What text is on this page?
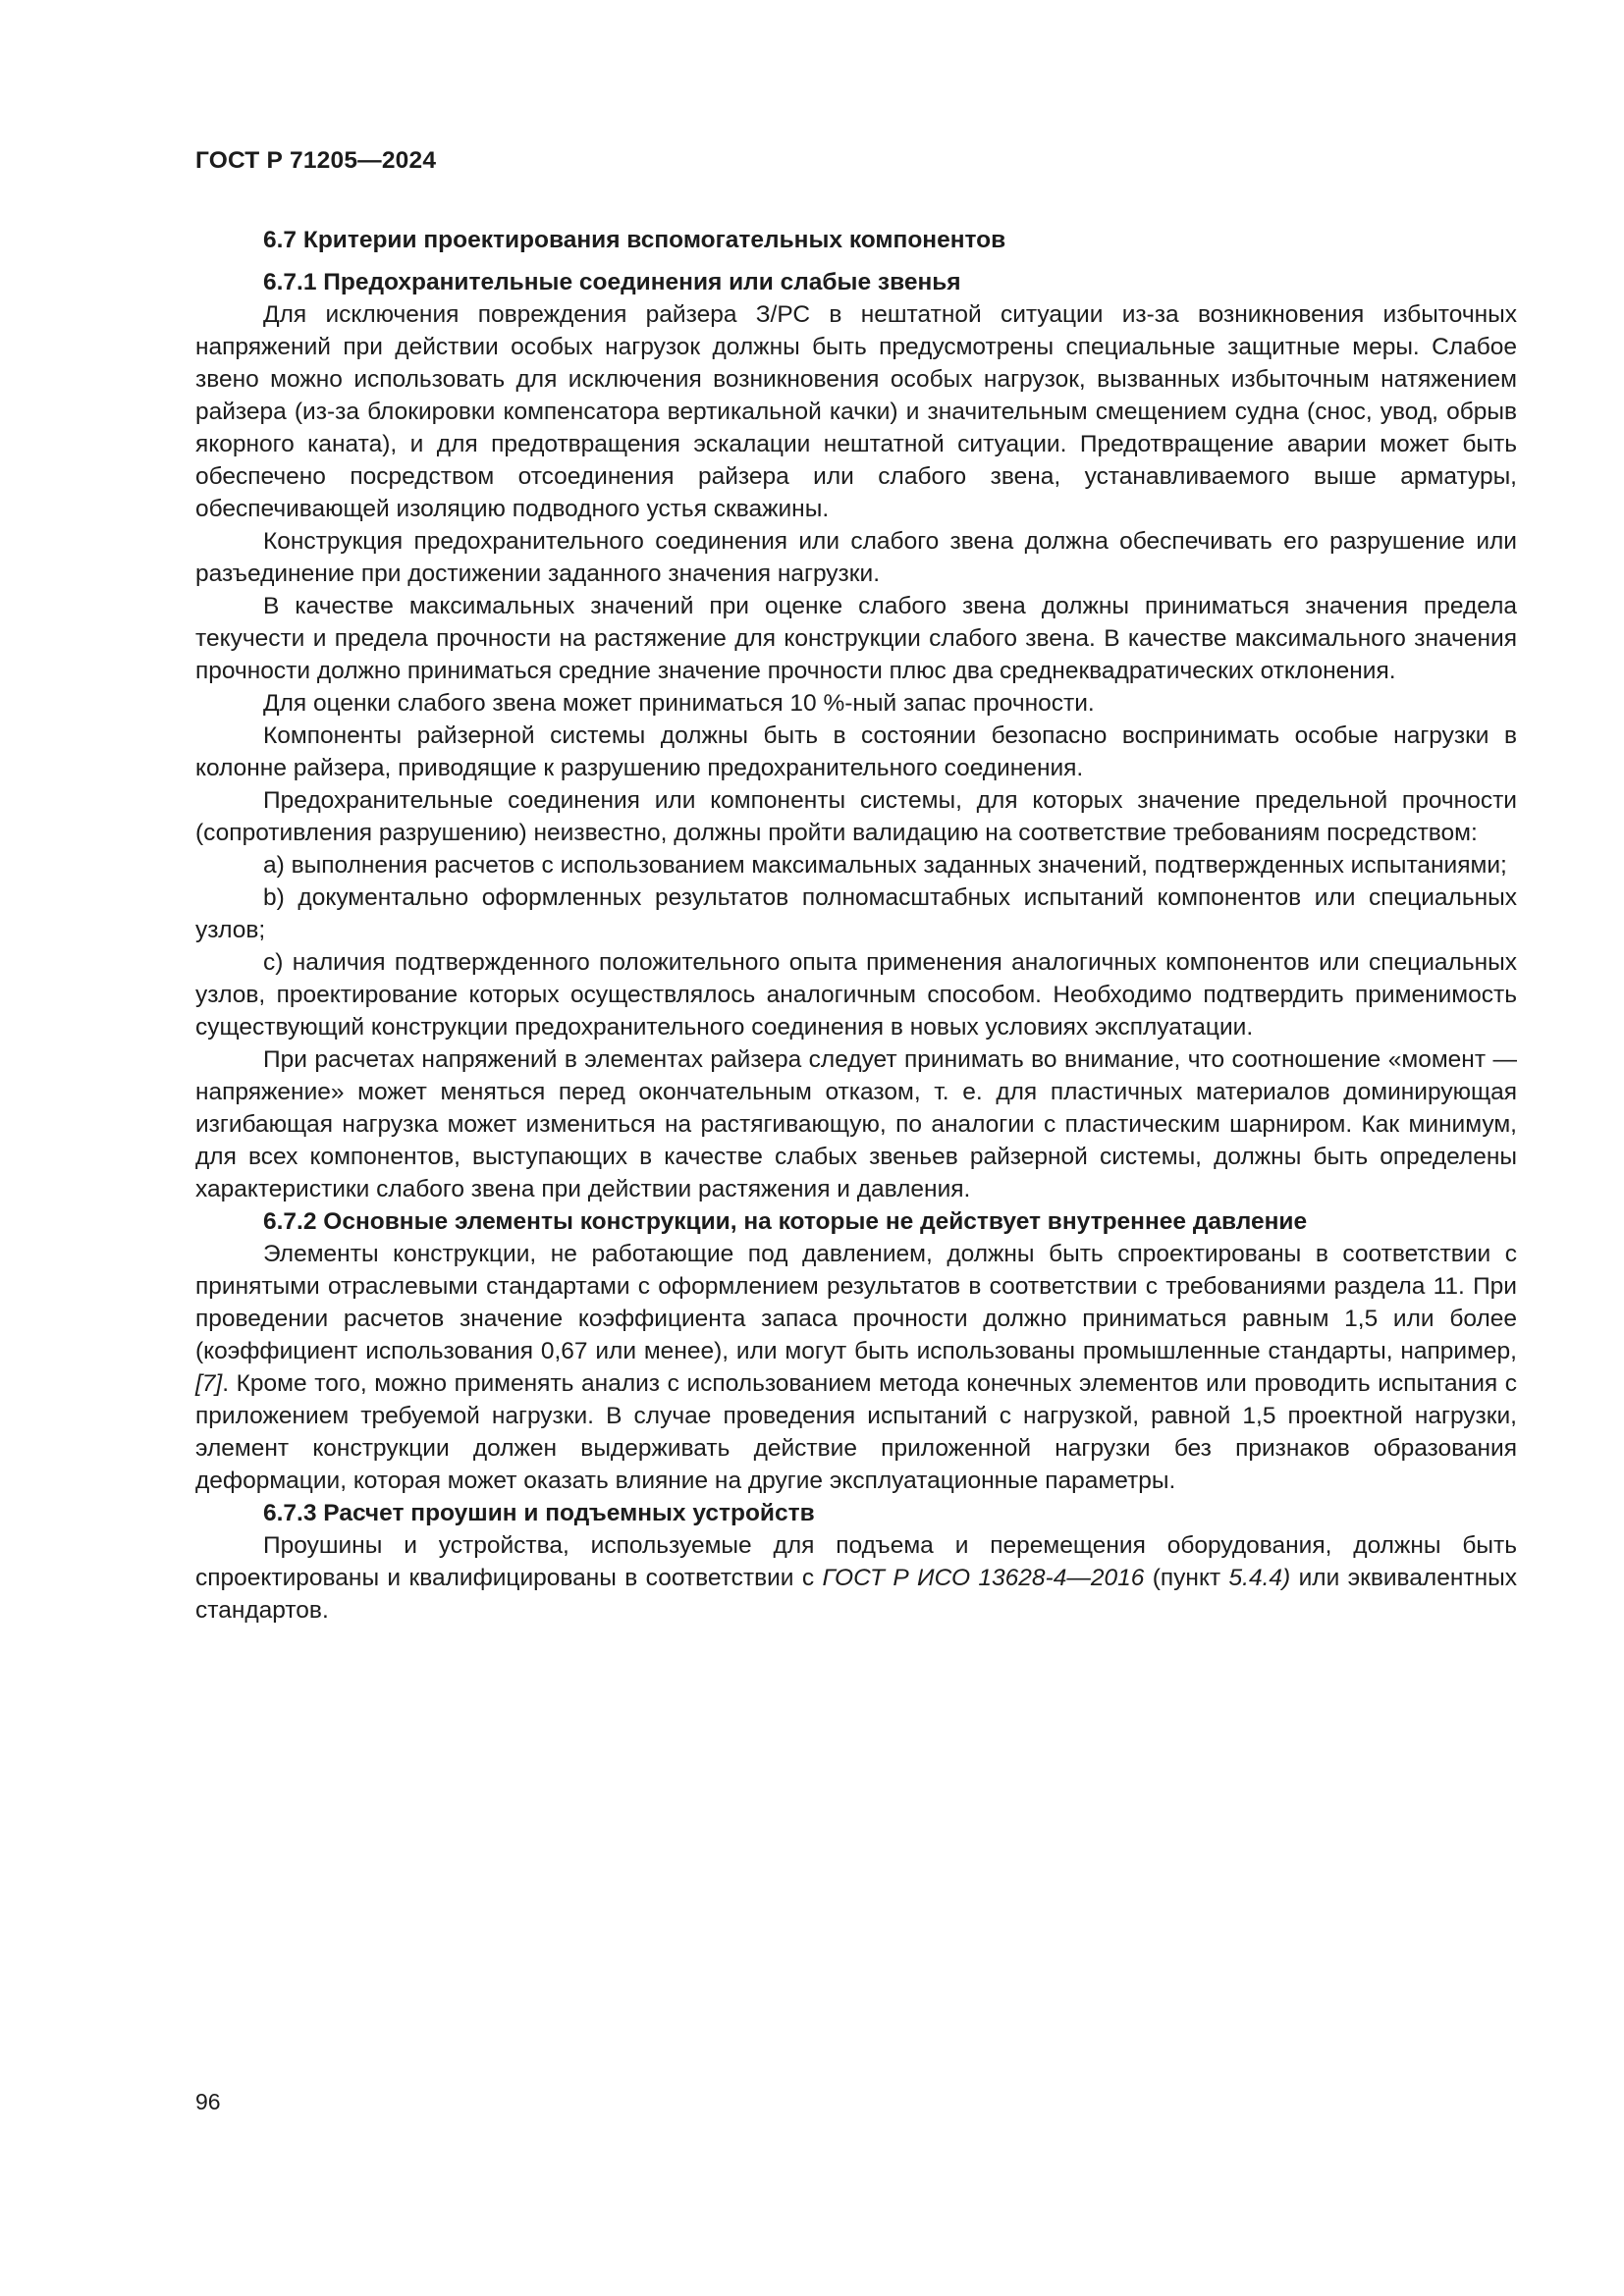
ГОСТ Р 71205—2024

6.7 Критерии проектирования вспомогательных компонентов
6.7.1 Предохранительные соединения или слабые звенья

Для исключения повреждения райзера З/РС в нештатной ситуации из-за возникновения избыточных напряжений при действии особых нагрузок должны быть предусмотрены специальные защитные меры. Слабое звено можно использовать для исключения возникновения особых нагрузок, вызванных избыточным натяжением райзера (из-за блокировки компенсатора вертикальной качки) и значительным смещением судна (снос, увод, обрыв якорного каната), и для предотвращения эскалации нештатной ситуации. Предотвращение аварии может быть обеспечено посредством отсоединения райзера или слабого звена, устанавливаемого выше арматуры, обеспечивающей изоляцию подводного устья скважины.

Конструкция предохранительного соединения или слабого звена должна обеспечивать его разрушение или разъединение при достижении заданного значения нагрузки.

В качестве максимальных значений при оценке слабого звена должны приниматься значения предела текучести и предела прочности на растяжение для конструкции слабого звена. В качестве максимального значения прочности должно приниматься средние значение прочности плюс два среднеквадратических отклонения.

Для оценки слабого звена может приниматься 10 %-ный запас прочности.

Компоненты райзерной системы должны быть в состоянии безопасно воспринимать особые нагрузки в колонне райзера, приводящие к разрушению предохранительного соединения.

Предохранительные соединения или компоненты системы, для которых значение предельной прочности (сопротивления разрушению) неизвестно, должны пройти валидацию на соответствие требованиям посредством:

а) выполнения расчетов с использованием максимальных заданных значений, подтвержденных испытаниями;

b) документально оформленных результатов полномасштабных испытаний компонентов или специальных узлов;

с) наличия подтвержденного положительного опыта применения аналогичных компонентов или специальных узлов, проектирование которых осуществлялось аналогичным способом. Необходимо подтвердить применимость существующий конструкции предохранительного соединения в новых условиях эксплуатации.

При расчетах напряжений в элементах райзера следует принимать во внимание, что соотношение «момент — напряжение» может меняться перед окончательным отказом, т. е. для пластичных материалов доминирующая изгибающая нагрузка может измениться на растягивающую, по аналогии с пластическим шарниром. Как минимум, для всех компонентов, выступающих в качестве слабых звеньев райзерной системы, должны быть определены характеристики слабого звена при действии растяжения и давления.

6.7.2 Основные элементы конструкции, на которые не действует внутреннее давление

Элементы конструкции, не работающие под давлением, должны быть спроектированы в соответствии с принятыми отраслевыми стандартами с оформлением результатов в соответствии с требованиями раздела 11. При проведении расчетов значение коэффициента запаса прочности должно приниматься равным 1,5 или более (коэффициент использования 0,67 или менее), или могут быть использованы промышленные стандарты, например, [7]. Кроме того, можно применять анализ с использованием метода конечных элементов или проводить испытания с приложением требуемой нагрузки. В случае проведения испытаний с нагрузкой, равной 1,5 проектной нагрузки, элемент конструкции должен выдерживать действие приложенной нагрузки без признаков образования деформации, которая может оказать влияние на другие эксплуатационные параметры.

6.7.3 Расчет проушин и подъемных устройств

Проушины и устройства, используемые для подъема и перемещения оборудования, должны быть спроектированы и квалифицированы в соответствии с ГОСТ Р ИСО 13628-4—2016 (пункт 5.4.4) или эквивалентных стандартов.

96
